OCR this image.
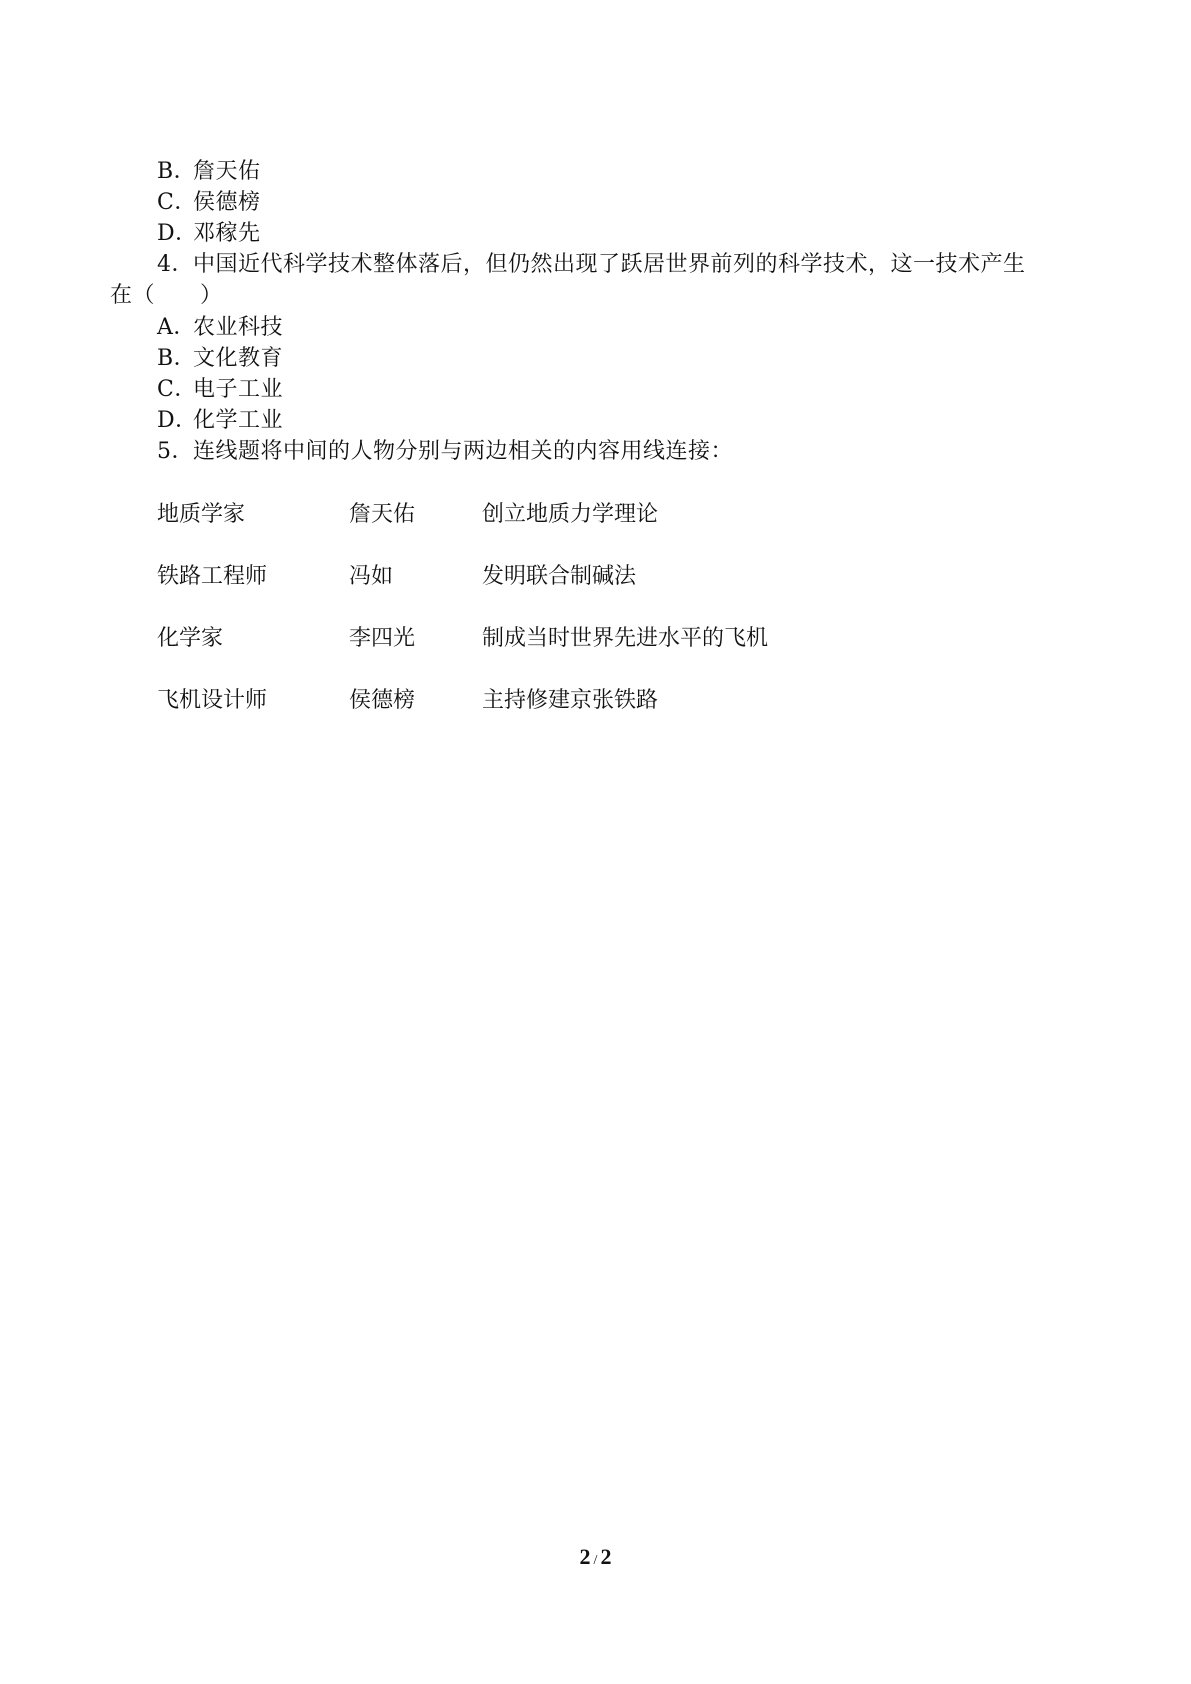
B．詹天佑
C．侯德榜
D．邓稼先
4．中国近代科学技术整体落后，但仍然出现了跃居世界前列的科学技术，这一技术产生
在（　　）
A．农业科技
B．文化教育
C．电子工业
D．化学工业
5．连线题将中间的人物分别与两边相关的内容用线连接：
地质学家	詹天佑	创立地质力学理论
铁路工程师	冯如	发明联合制碱法
化学家	李四光	制成当时世界先进水平的飞机
飞机设计师	侯德榜	主持修建京张铁路
2 / 2
